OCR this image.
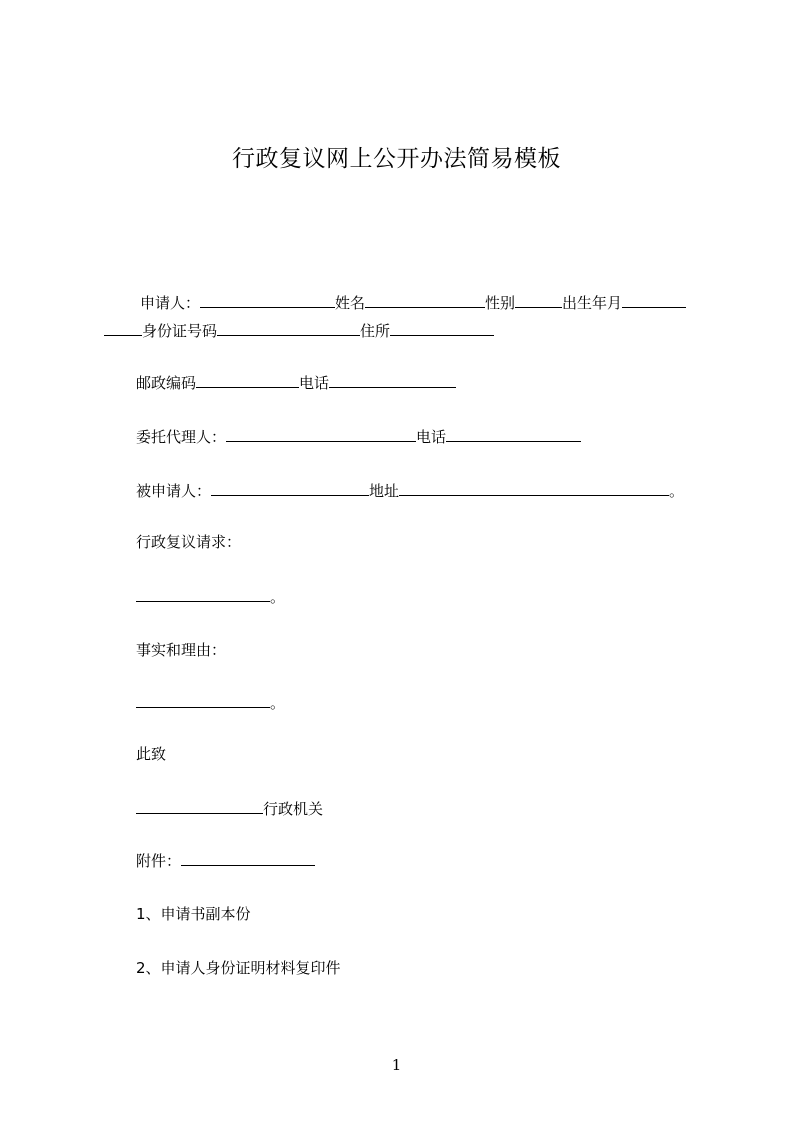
行政复议网上公开办法简易模板
申请人：	姓名	性别	出生年月
身份证号码	住所
邮政编码	电话
委托代理人：	电话
被申请人：	地址	。
行政复议请求：
。
事实和理由：
。
此致
行政机关
附件：
1、申请书副本份
2、申请人身份证明材料复印件
1
